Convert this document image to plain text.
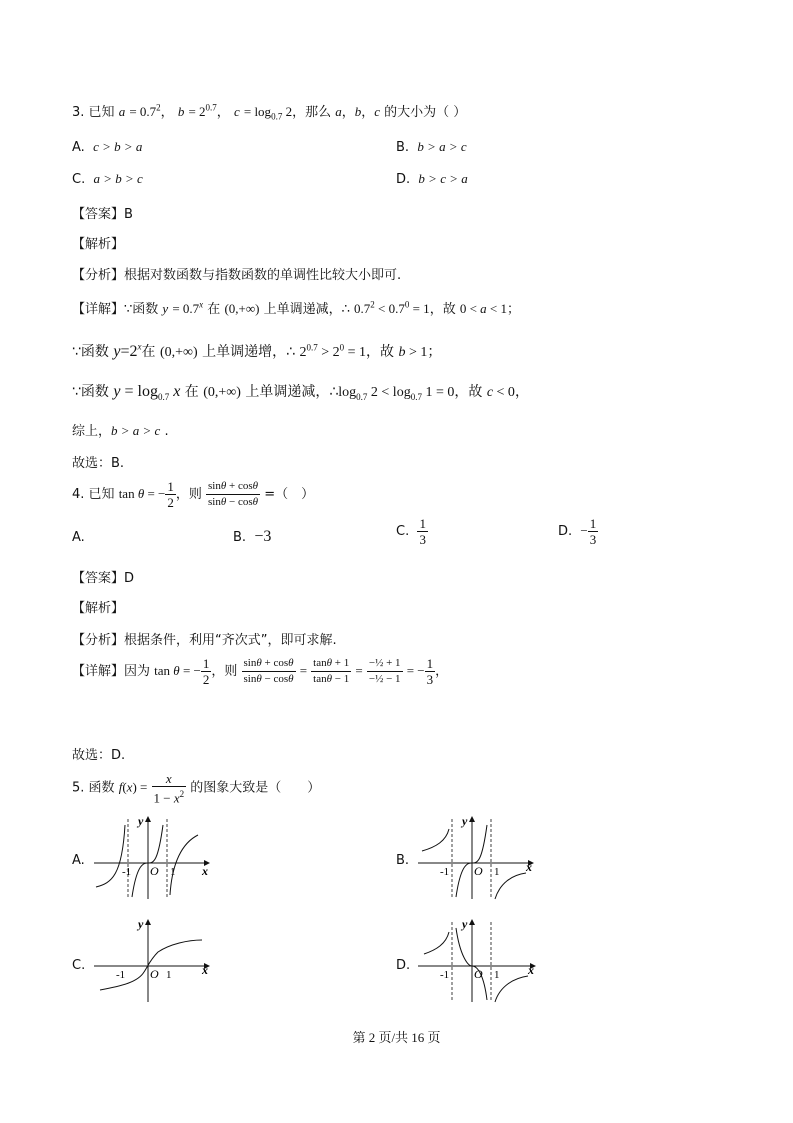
3. 已知 $a = 0.7^2$， $b = 2^{0.7}$， $c = \log_{0.7} 2$，那么 a，b，c 的大小为（ ）
A.  c > b > a	B.  b > a > c
C.  a > b > c	D.  b > c > a
【答案】B
【解析】
【分析】根据对数函数与指数函数的单调性比较大小即可.
【详解】∵函数 $y = 0.7^x$ 在 (0,+∞) 上单调递减，∴ $0.7^2 < 0.7^0 = 1$，故 0 < a < 1；
∵函数 $y=2^x$在 (0,+∞) 上单调递增，∴ $2^{0.7} > 2^0 = 1$，故 b > 1；
∵函数 $y = \log_{0.7} x$ 在 (0,+∞) 上单调递减，$\therefore\log_{0.7}$ $2 < \log_{0.7} 1 = 0$，故 c < 0，
综上，b > a > c .
故选：B.
4. 已知 tan θ = − $\frac{1}{2}$ ，则 $\frac{\sin\theta + \cos\theta}{\sin\theta - \cos\theta}$ =（　）
A.	B. −3	C. $\frac{1}{3}$	D. − $\frac{1}{3}$
【答案】D
【解析】
【分析】根据条件，利用“齐次式”，即可求解.
【详解】因为 tan θ = − $\frac{1}{2}$ ，则 $\frac{\sin\theta + \cos\theta}{\sin\theta - \cos\theta} = \frac{\tan\theta + 1}{\tan\theta - 1} = \frac{\text{−½ + 1}}{\text{−½ − 1}}$ = − $\frac{1}{3}$ ，
故选：D.
5. 函数 $f(x) = \frac{x}{1 - x^2}$ 的图象大致是（　　）
A.	B.
C.	D.
-1 O 1 x
y
-1 O 1 x
y
-1 O 1	x
y
-1 O 1 x
y
第 2 页/共 16 页
